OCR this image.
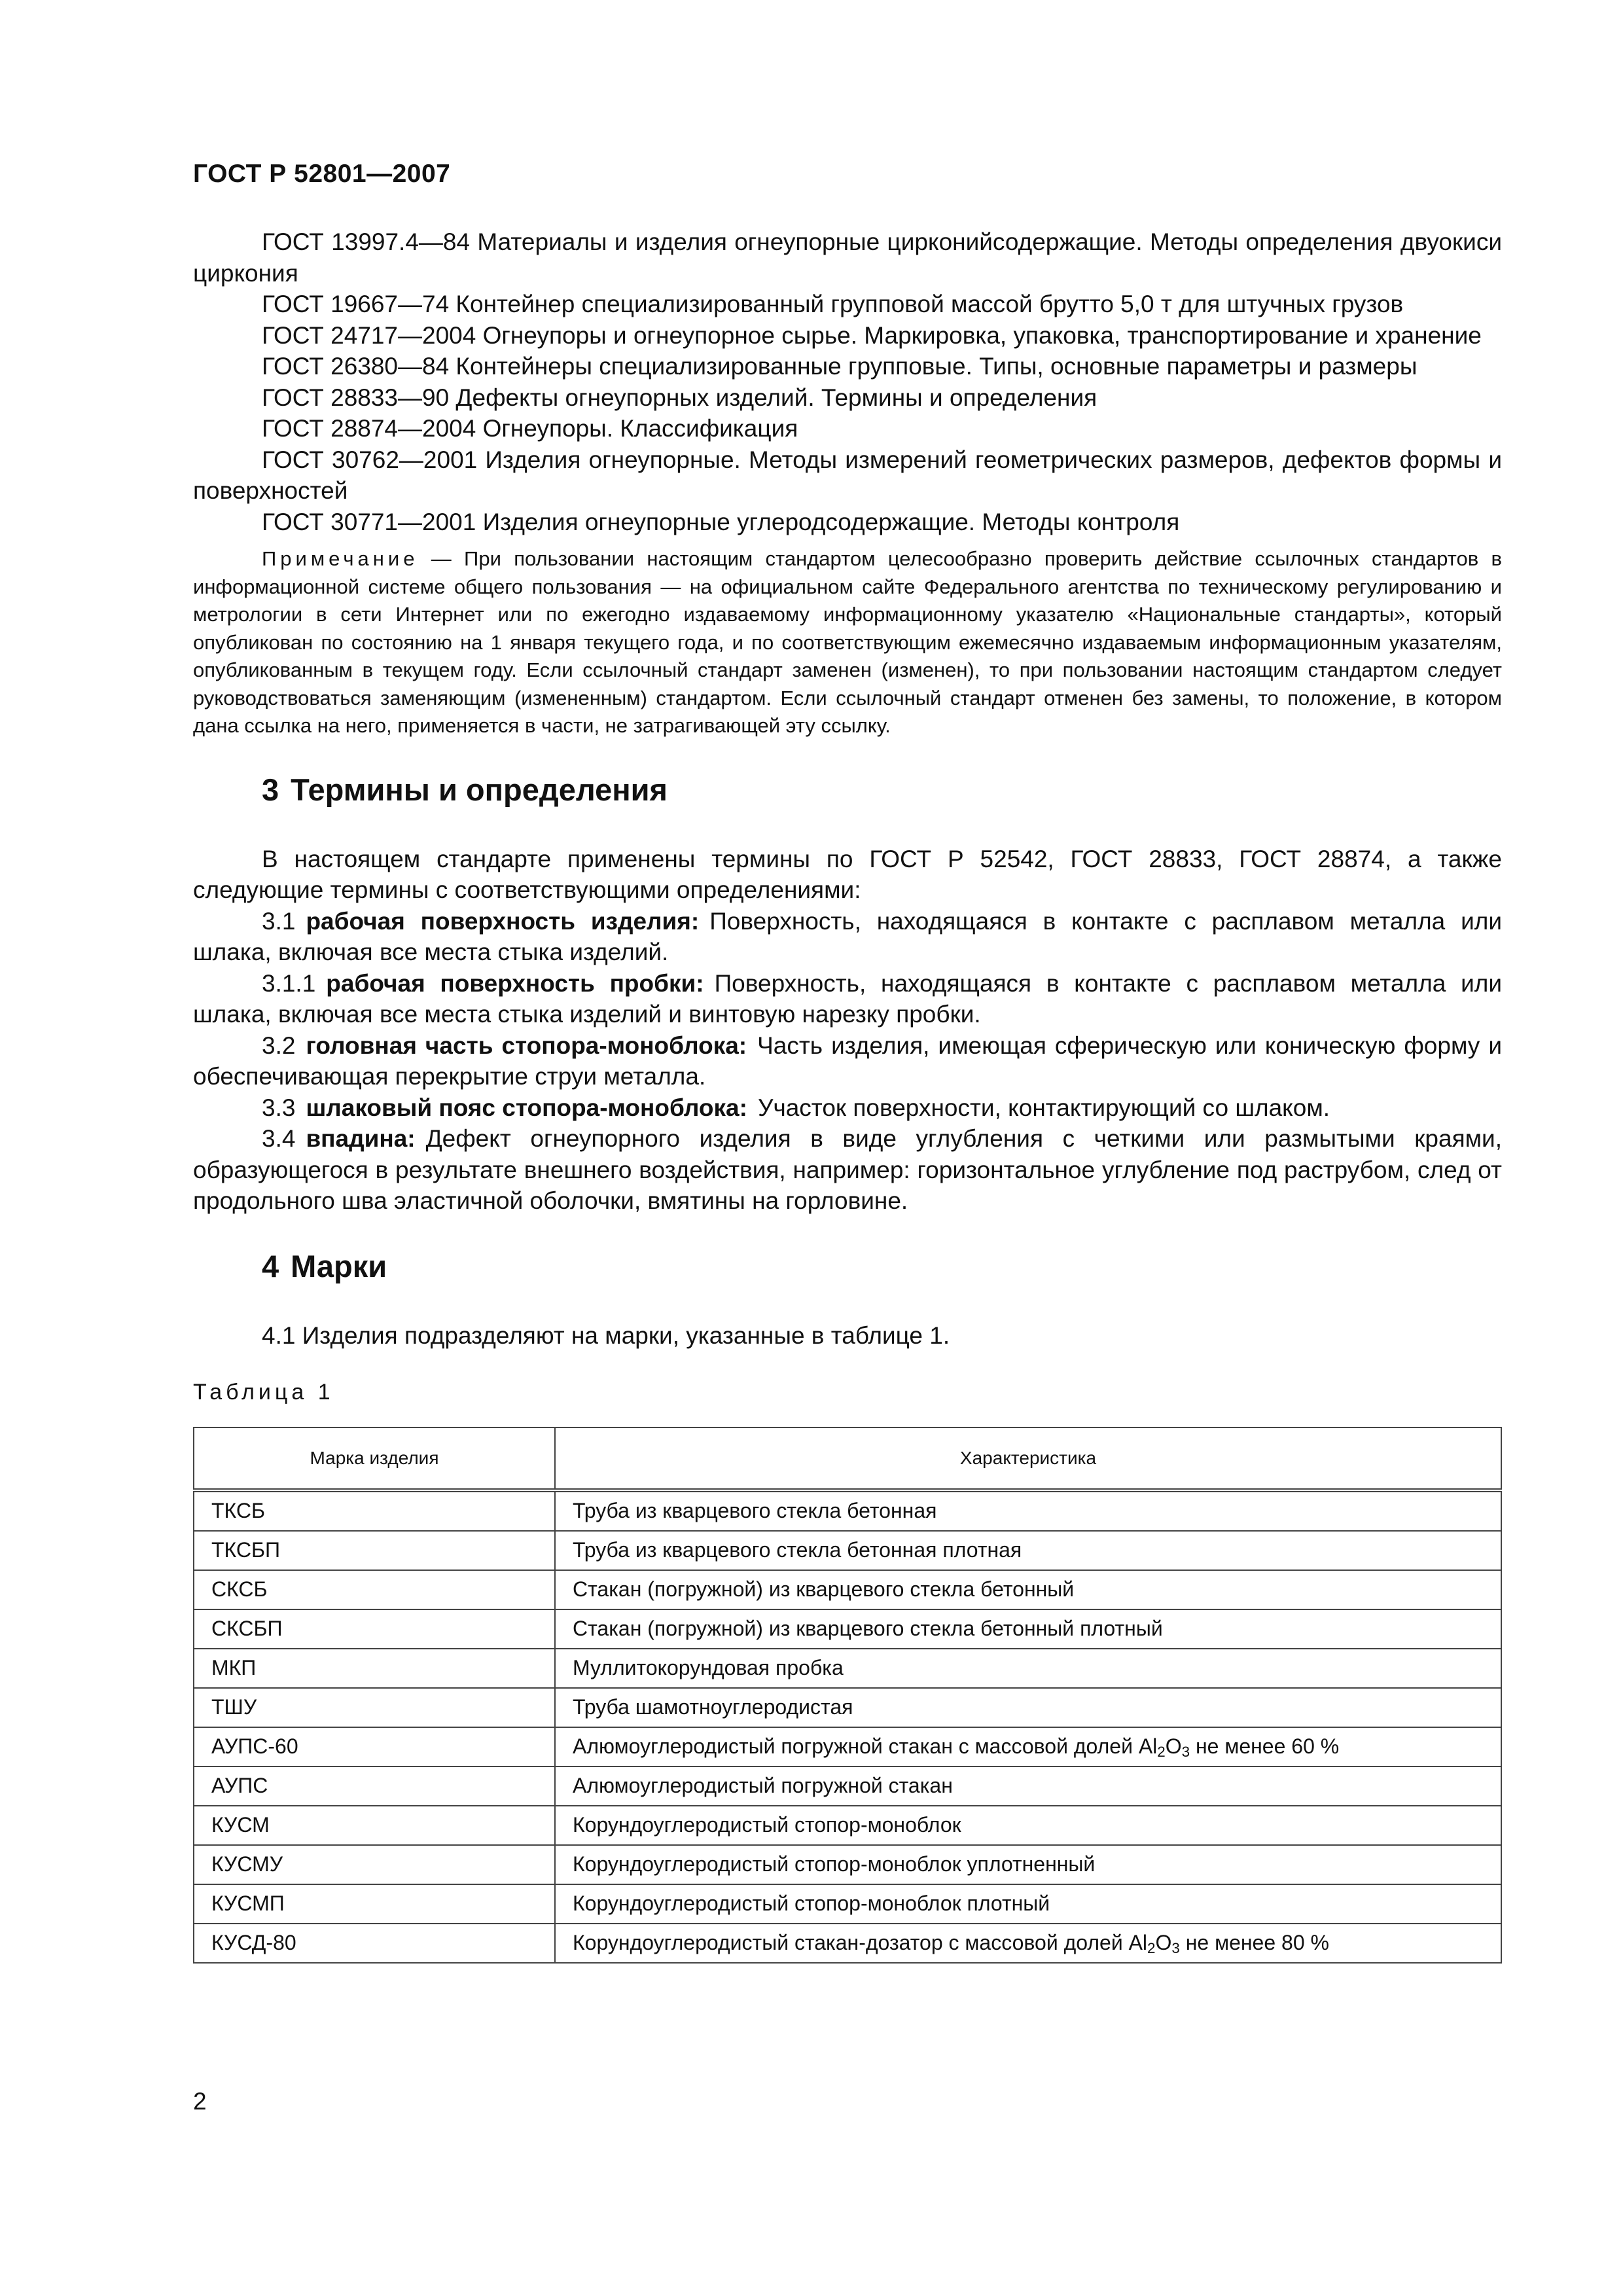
ГОСТ Р 52801—2007

ГОСТ 13997.4—84 Материалы и изделия огнеупорные цирконийсодержащие. Методы определения двуокиси циркония

ГОСТ 19667—74 Контейнер специализированный групповой массой брутто 5,0 т для штучных грузов

ГОСТ 24717—2004 Огнеупоры и огнеупорное сырье. Маркировка, упаковка, транспортирование и хранение

ГОСТ 26380—84 Контейнеры специализированные групповые. Типы, основные параметры и размеры

ГОСТ 28833—90 Дефекты огнеупорных изделий. Термины и определения

ГОСТ 28874—2004 Огнеупоры. Классификация

ГОСТ 30762—2001 Изделия огнеупорные. Методы измерений геометрических размеров, дефектов формы и поверхностей

ГОСТ 30771—2001 Изделия огнеупорные углеродсодержащие. Методы контроля

Примечание — При пользовании настоящим стандартом целесообразно проверить действие ссылочных стандартов в информационной системе общего пользования — на официальном сайте Федерального агентства по техническому регулированию и метрологии в сети Интернет или по ежегодно издаваемому информационному указателю «Национальные стандарты», который опубликован по состоянию на 1 января текущего года, и по соответствующим ежемесячно издаваемым информационным указателям, опубликованным в текущем году. Если ссылочный стандарт заменен (изменен), то при пользовании настоящим стандартом следует руководствоваться заменяющим (измененным) стандартом. Если ссылочный стандарт отменен без замены, то положение, в котором дана ссылка на него, применяется в части, не затрагивающей эту ссылку.

3 Термины и определения

В настоящем стандарте применены термины по ГОСТ Р 52542, ГОСТ 28833, ГОСТ 28874, а также следующие термины с соответствующими определениями:

3.1 рабочая поверхность изделия: Поверхность, находящаяся в контакте с расплавом металла или шлака, включая все места стыка изделий.

3.1.1 рабочая поверхность пробки: Поверхность, находящаяся в контакте с расплавом металла или шлака, включая все места стыка изделий и винтовую нарезку пробки.

3.2 головная часть стопора-моноблока: Часть изделия, имеющая сферическую или коническую форму и обеспечивающая перекрытие струи металла.

3.3 шлаковый пояс стопора-моноблока: Участок поверхности, контактирующий со шлаком.

3.4 впадина: Дефект огнеупорного изделия в виде углубления с четкими или размытыми краями, образующегося в результате внешнего воздействия, например: горизонтальное углубление под раструбом, след от продольного шва эластичной оболочки, вмятины на горловине.

4 Марки

4.1 Изделия подразделяют на марки, указанные в таблице 1.

Таблица 1

Марка изделия	Характеристика
ТКСБ	Труба из кварцевого стекла бетонная
ТКСБП	Труба из кварцевого стекла бетонная плотная
СКСБ	Стакан (погружной) из кварцевого стекла бетонный
СКСБП	Стакан (погружной) из кварцевого стекла бетонный плотный
МКП	Муллитокорундовая пробка
ТШУ	Труба шамотноуглеродистая
АУПС-60	Алюмоуглеродистый погружной стакан с массовой долей $Al_2O_3$ не менее 60 %
АУПС	Алюмоуглеродистый погружной стакан
КУСМ	Корундоуглеродистый стопор-моноблок
КУСМУ	Корундоуглеродистый стопор-моноблок уплотненный
КУСМП	Корундоуглеродистый стопор-моноблок плотный
КУСД-80	Корундоуглеродистый стакан-дозатор с массовой долей $Al_2O_3$ не менее 80 %
2
